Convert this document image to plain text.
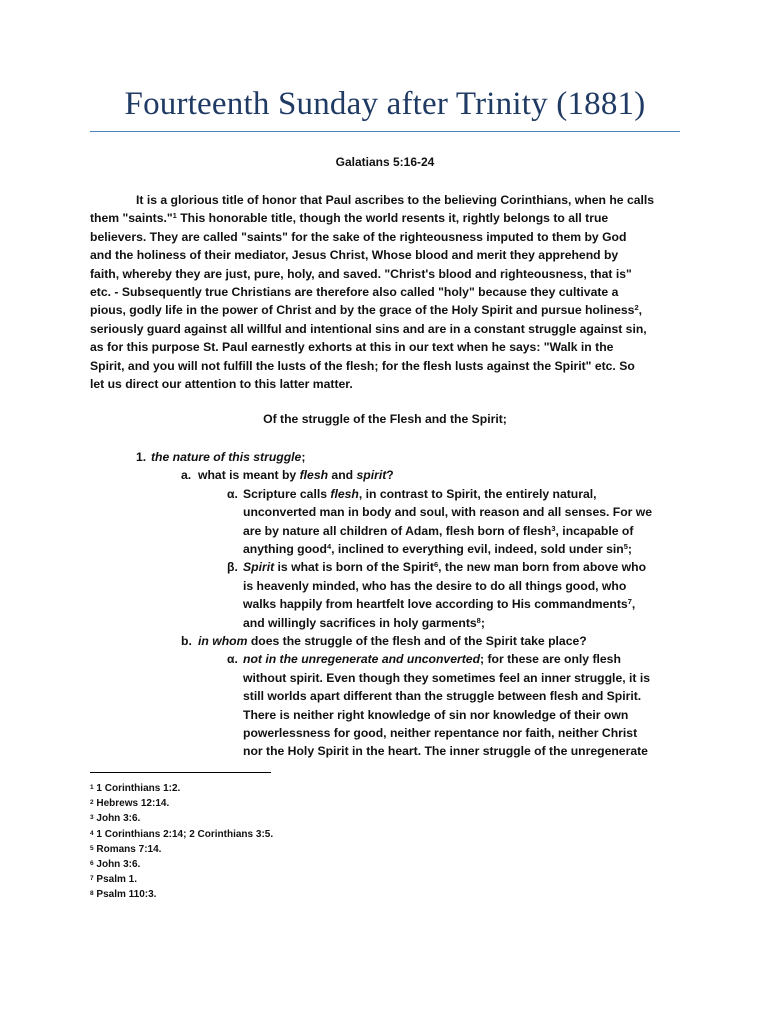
Fourteenth Sunday after Trinity (1881)
Galatians 5:16-24
It is a glorious title of honor that Paul ascribes to the believing Corinthians, when he calls
them "saints."$^1$ This honorable title, though the world resents it, rightly belongs to all true
believers. They are called "saints" for the sake of the righteousness imputed to them by God
and the holiness of their mediator, Jesus Christ, Whose blood and merit they apprehend by
faith, whereby they are just, pure, holy, and saved. "Christ's blood and righteousness, that is"
etc. - Subsequently true Christians are therefore also called "holy" because they cultivate a
pious, godly life in the power of Christ and by the grace of the Holy Spirit and pursue holiness$^2$,
seriously guard against all willful and intentional sins and are in a constant struggle against sin,
as for this purpose St. Paul earnestly exhorts at this in our text when he says: "Walk in the
Spirit, and you will not fulfill the lusts of the flesh; for the flesh lusts against the Spirit" etc. So
let us direct our attention to this latter matter.
Of the struggle of the Flesh and the Spirit;
1. the nature of this struggle;
a. what is meant by flesh and spirit?
α. Scripture calls flesh, in contrast to Spirit, the entirely natural,
unconverted man in body and soul, with reason and all senses. For we
are by nature all children of Adam, flesh born of flesh$^3$, incapable of
anything good$^4$, inclined to everything evil, indeed, sold under $\sin^5$;
β. Spirit is what is born of the Spirit$^6$, the new man born from above who
is heavenly minded, who has the desire to do all things good, who
walks happily from heartfelt love according to His commandments$^7$,
and willingly sacrifices in holy garments$^8$;
b. in whom does the struggle of the flesh and of the Spirit take place?
α. not in the unregenerate and unconverted; for these are only flesh
without spirit. Even though they sometimes feel an inner struggle, it is
still worlds apart different than the struggle between flesh and Spirit.
There is neither right knowledge of sin nor knowledge of their own
powerlessness for good, neither repentance nor faith, neither Christ
nor the Holy Spirit in the heart. The inner struggle of the unregenerate
$^1$ 1 Corinthians 1:2.
$^2$ Hebrews 12:14.
$^3$ John 3:6.
$^4$ 1 Corinthians 2:14; 2 Corinthians 3:5.
$^5$ Romans 7:14.
$^6$ John 3:6.
$^7$ Psalm 1.
$^8$ Psalm 110:3.
